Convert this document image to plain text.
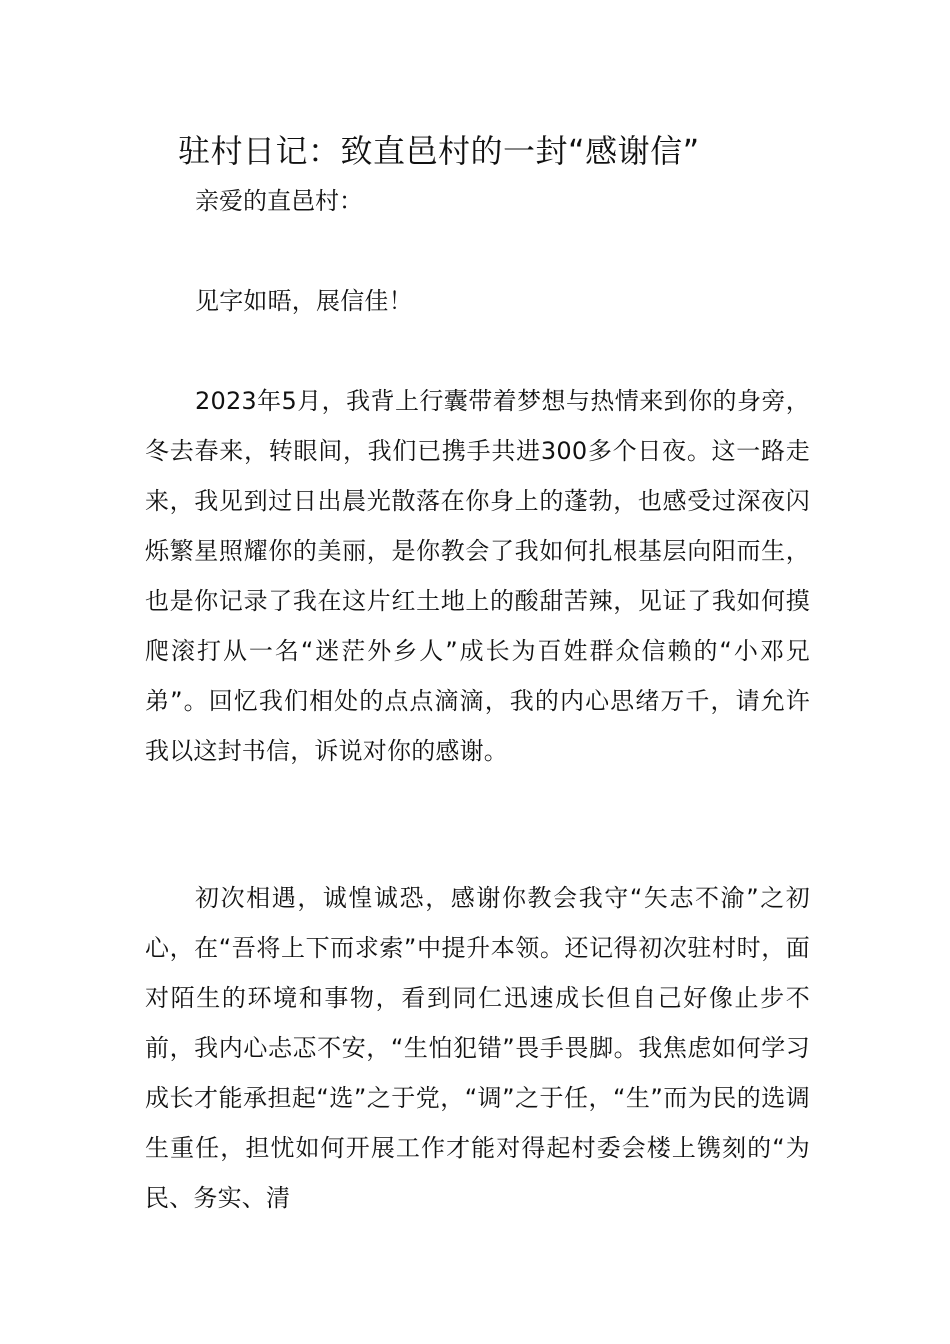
驻村日记：致直邑村的一封“感谢信”

亲爱的直邑村：

见字如晤，展信佳！

2023年5月，我背上行囊带着梦想与热情来到你的身旁，冬去春来，转眼间，我们已携手共进300多个日夜。这一路走来，我见到过日出晨光散落在你身上的蓬勃，也感受过深夜闪烁繁星照耀你的美丽，是你教会了我如何扎根基层向阳而生，也是你记录了我在这片红土地上的酸甜苦辣，见证了我如何摸爬滚打从一名“迷茫外乡人”成长为百姓群众信赖的“小邓兄弟”。回忆我们相处的点点滴滴，我的内心思绪万千，请允许我以这封书信，诉说对你的感谢。

初次相遇，诚惶诚恐，感谢你教会我守“矢志不渝”之初心，在“吾将上下而求索”中提升本领。还记得初次驻村时，面对陌生的环境和事物，看到同仁迅速成长但自己好像止步不前，我内心忐忑不安，“生怕犯错”畏手畏脚。我焦虑如何学习成长才能承担起“选”之于党，“调”之于任，“生”而为民的选调生重任，担忧如何开展工作才能对得起村委会楼上镌刻的“为民、务实、清
